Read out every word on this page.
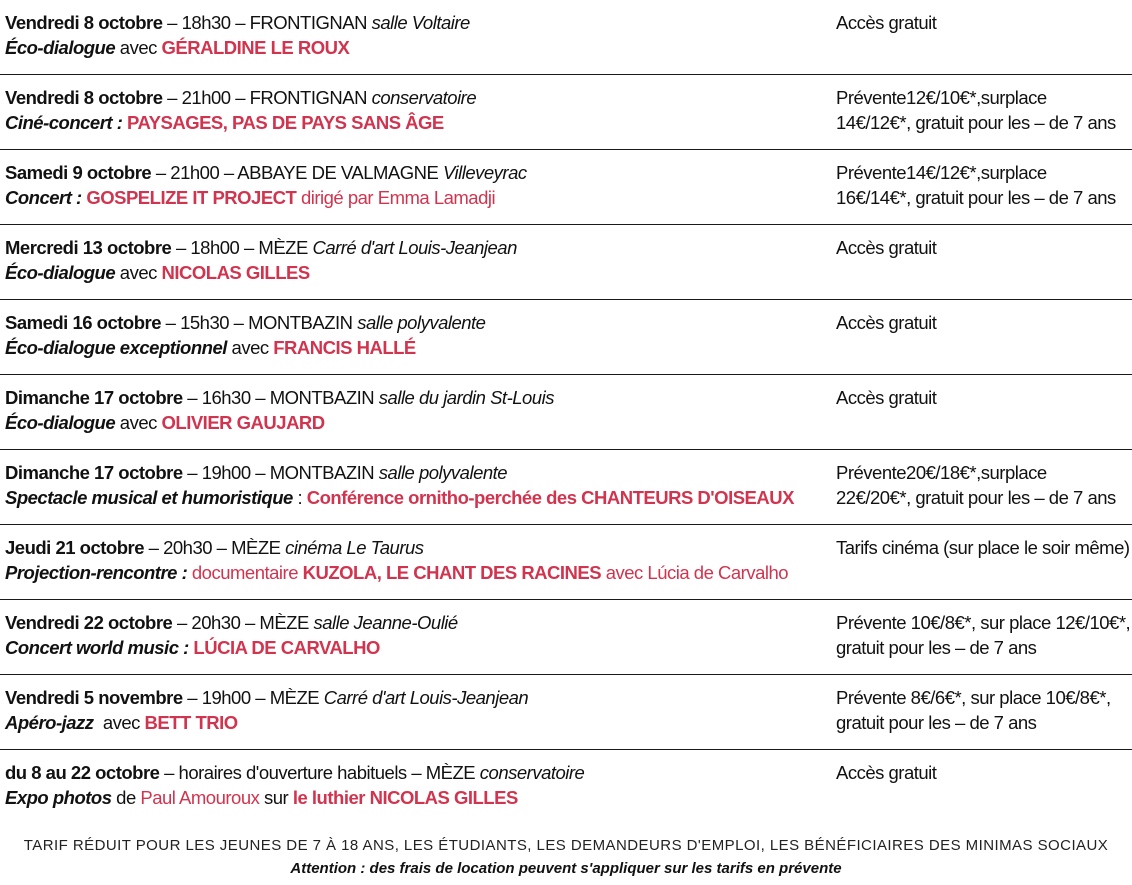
Vendredi 8 octobre – 18h30 – FRONTIGNAN salle Voltaire
Éco-dialogue avec GÉRALDINE LE ROUX
Accès gratuit
Vendredi 8 octobre – 21h00 – FRONTIGNAN conservatoire
Ciné-concert : PAYSAGES, PAS DE PAYS SANS ÂGE
Prévente12€/10€*,surplace
14€/12€*, gratuit pour les – de 7 ans
Samedi 9 octobre – 21h00 – ABBAYE DE VALMAGNE Villeveyrac
Concert : GOSPELIZE IT PROJECT dirigé par Emma Lamadji
Prévente14€/12€*,surplace
16€/14€*, gratuit pour les – de 7 ans
Mercredi 13 octobre – 18h00 – MÈZE Carré d'art Louis-Jeanjean
Éco-dialogue avec NICOLAS GILLES
Accès gratuit
Samedi 16 octobre – 15h30 – MONTBAZIN salle polyvalente
Éco-dialogue exceptionnel avec FRANCIS HALLÉ
Accès gratuit
Dimanche 17 octobre – 16h30 – MONTBAZIN salle du jardin St-Louis
Éco-dialogue avec OLIVIER GAUJARD
Accès gratuit
Dimanche 17 octobre – 19h00 – MONTBAZIN salle polyvalente
Spectacle musical et humoristique : Conférence ornitho-perchée des CHANTEURS D'OISEAUX
Prévente20€/18€*,surplace
22€/20€*, gratuit pour les – de 7 ans
Jeudi 21 octobre – 20h30 – MÈZE cinéma Le Taurus
Projection-rencontre : documentaire KUZOLA, LE CHANT DES RACINES avec Lúcia de Carvalho
Tarifs cinéma (sur place le soir même)
Vendredi 22 octobre – 20h30 – MÈZE salle Jeanne-Oulié
Concert world music : LÚCIA DE CARVALHO
Prévente 10€/8€*, sur place 12€/10€*,
gratuit pour les – de 7 ans
Vendredi 5 novembre – 19h00 – MÈZE Carré d'art Louis-Jeanjean
Apéro-jazz  avec BETT TRIO
Prévente 8€/6€*, sur place 10€/8€*,
gratuit pour les – de 7 ans
du 8 au 22 octobre – horaires d'ouverture habituels – MÈZE conservatoire
Expo photos de Paul Amouroux sur le luthier NICOLAS GILLES
Accès gratuit
TARIF RÉDUIT POUR LES JEUNES DE 7 À 18 ANS, LES ÉTUDIANTS, LES DEMANDEURS D'EMPLOI, LES BÉNÉFICIAIRES DES MINIMAS SOCIAUX
Attention : des frais de location peuvent s'appliquer sur les tarifs en prévente
